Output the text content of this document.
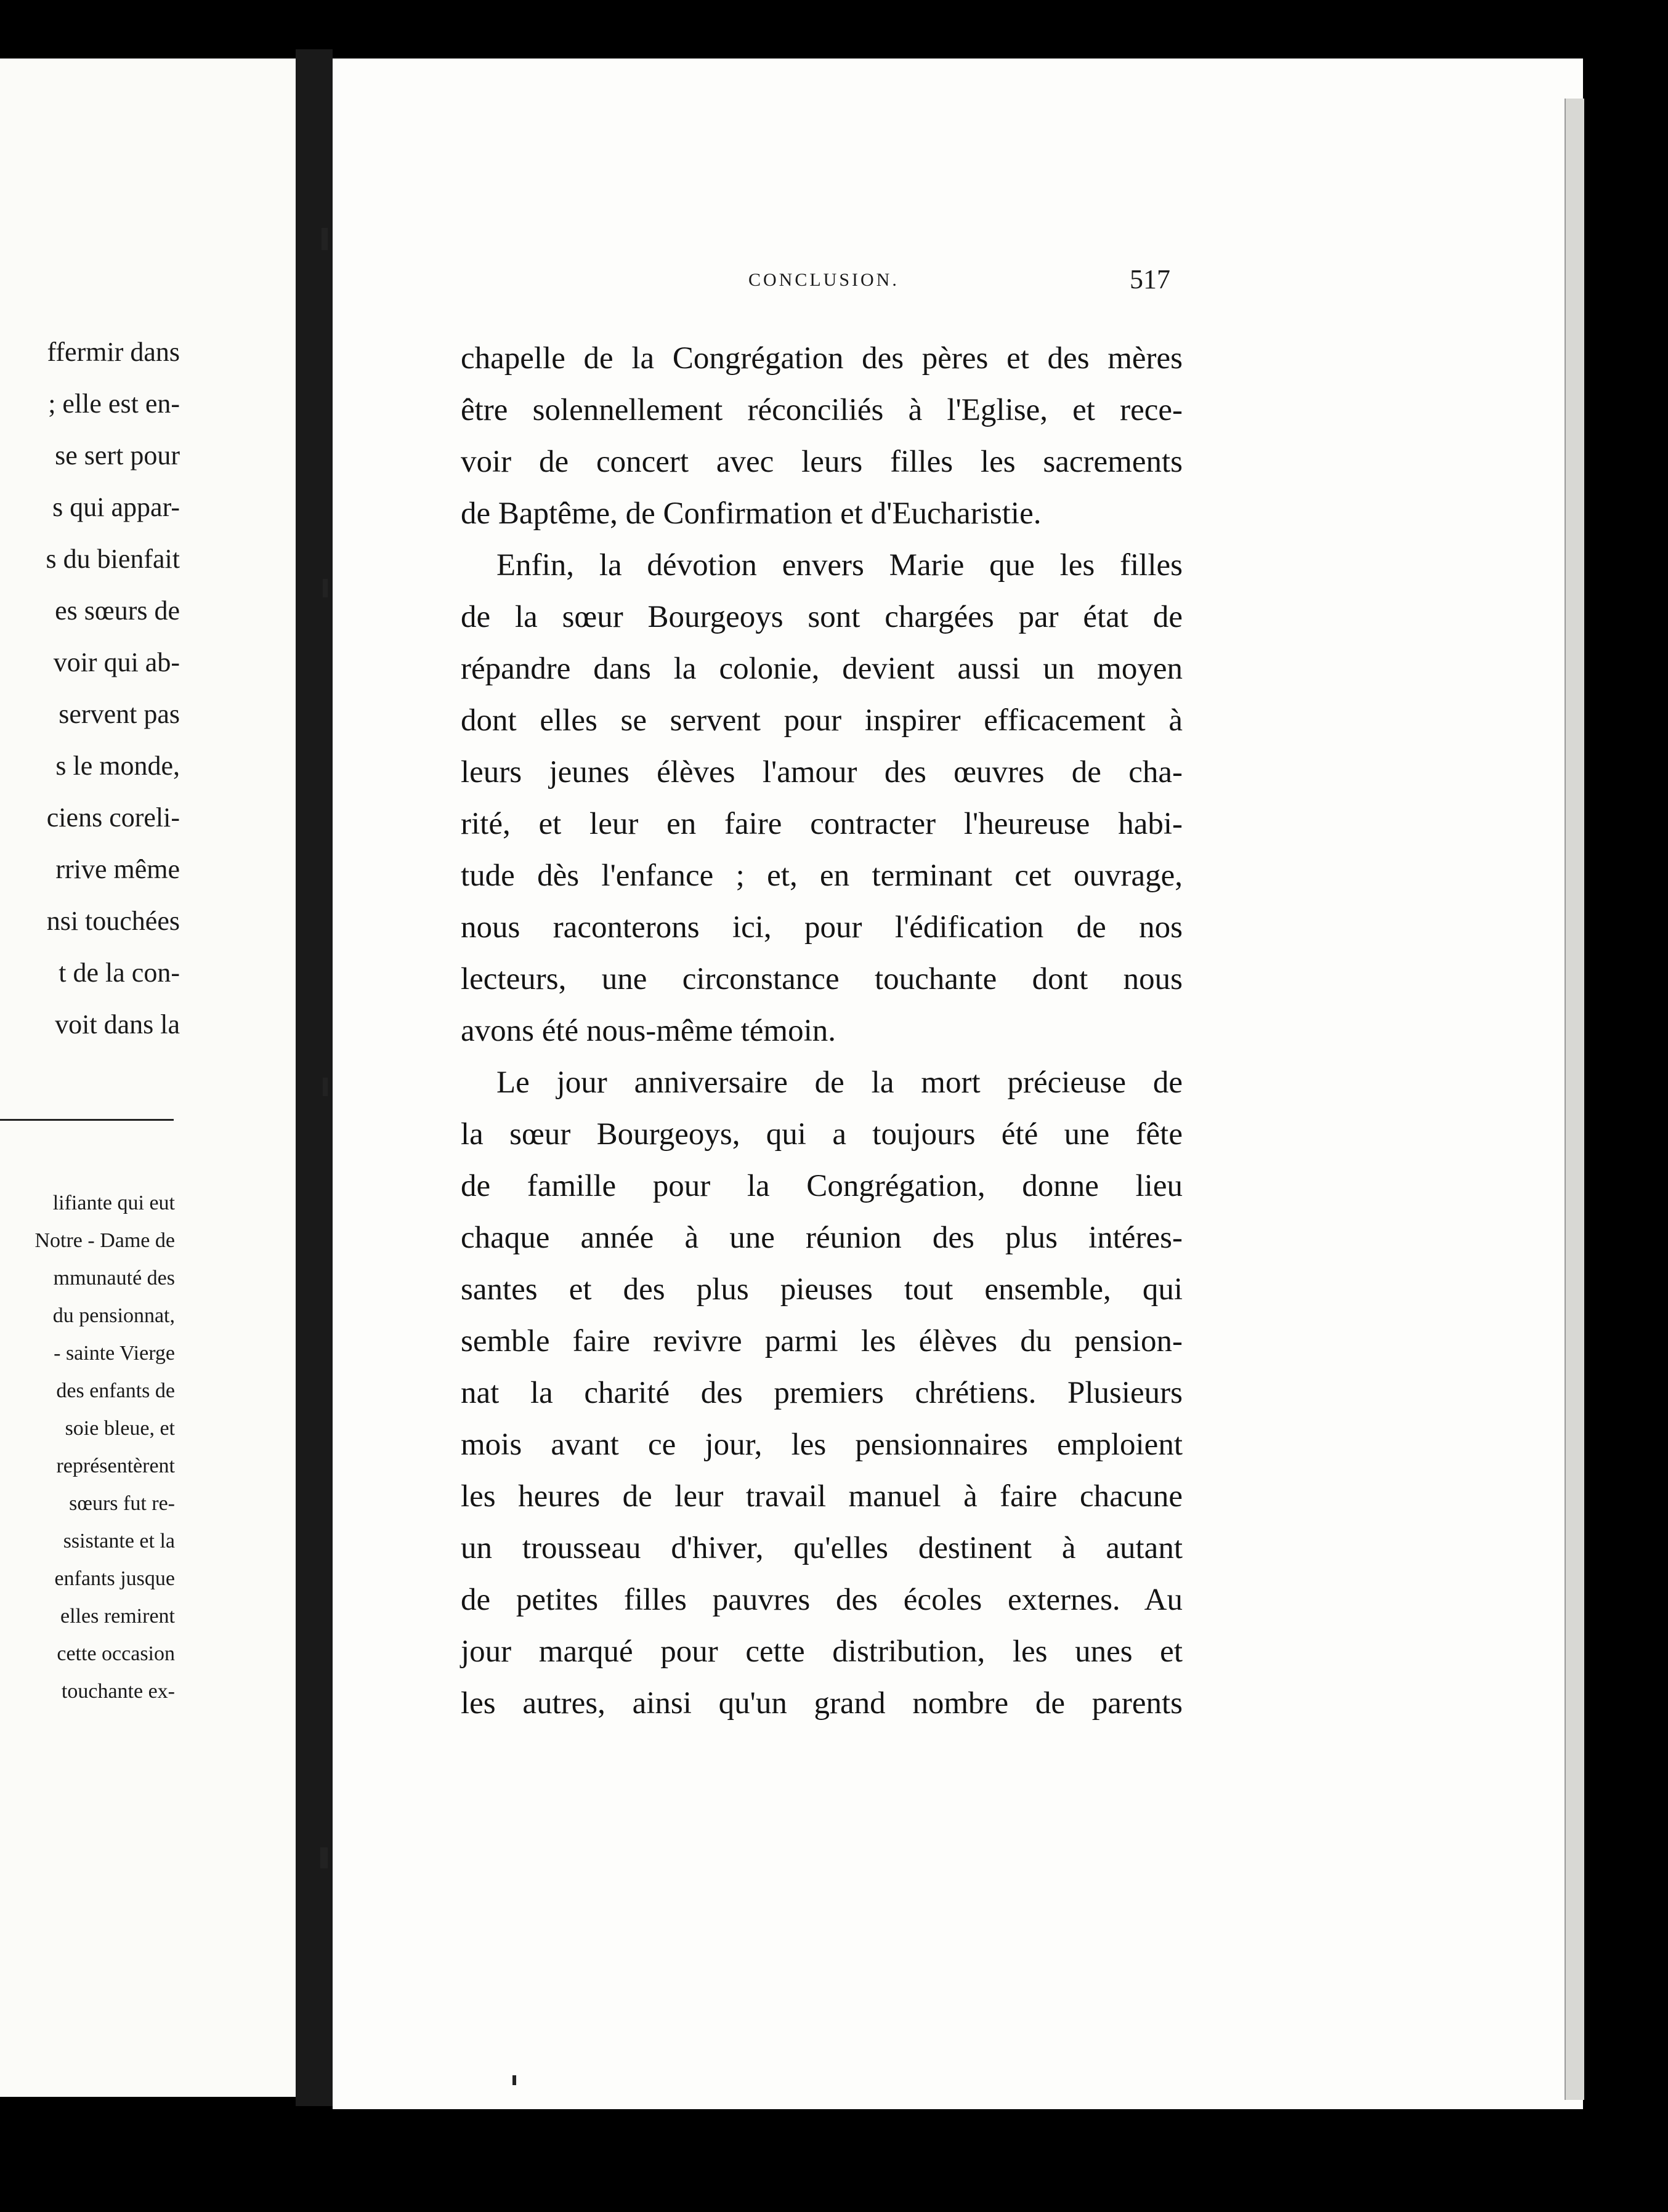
ffermir dans
; elle est en-
se sert pour
s qui appar-
s du bienfait
es sœurs de
voir qui ab-
servent pas
s le monde,
ciens coreli-
rrive même
nsi touchées
t de la con-
voit dans la
lifiante qui eut
Notre - Dame de
mmunauté des
du pensionnat,
- sainte Vierge
des enfants de
soie bleue, et
représentèrent
sœurs fut re-
ssistante et la
enfants jusque
elles remirent
cette occasion
touchante ex-
CONCLUSION.	517
chapelle de la Congrégation des pères et des mères
être solennellement réconciliés à l'Eglise, et rece-
voir de concert avec leurs filles les sacrements
de Baptême, de Confirmation et d'Eucharistie.
Enfin, la dévotion envers Marie que les filles
de la sœur Bourgeoys sont chargées par état de
répandre dans la colonie, devient aussi un moyen
dont elles se servent pour inspirer efficacement à
leurs jeunes élèves l'amour des œuvres de cha-
rité, et leur en faire contracter l'heureuse habi-
tude dès l'enfance ; et, en terminant cet ouvrage,
nous raconterons ici, pour l'édification de nos
lecteurs, une circonstance touchante dont nous
avons été nous-même témoin.
Le jour anniversaire de la mort précieuse de
la sœur Bourgeoys, qui a toujours été une fête
de famille pour la Congrégation, donne lieu
chaque année à une réunion des plus intéres-
santes et des plus pieuses tout ensemble, qui
semble faire revivre parmi les élèves du pension-
nat la charité des premiers chrétiens. Plusieurs
mois avant ce jour, les pensionnaires emploient
les heures de leur travail manuel à faire chacune
un trousseau d'hiver, qu'elles destinent à autant
de petites filles pauvres des écoles externes. Au
jour marqué pour cette distribution, les unes et
les autres, ainsi qu'un grand nombre de parents
